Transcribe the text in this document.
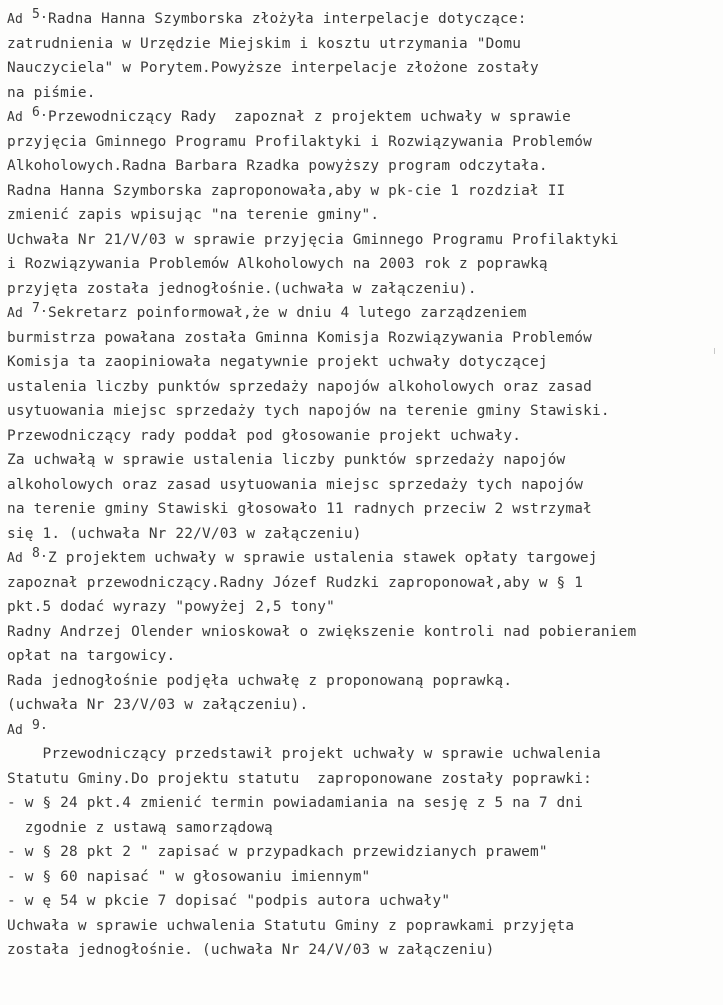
Ad 5.Radna Hanna Szymborska złożyła interpelacje dotyczące:
zatrudnienia w Urzędzie Miejskim i kosztu utrzymania "Domu
Nauczyciela" w Porytem.Powyższe interpelacje złożone zostały
na piśmie.
Ad 6.Przewodniczący Rady  zapoznał z projektem uchwały w sprawie
przyjęcia Gminnego Programu Profilaktyki i Rozwiązywania Problemów
Alkoholowych.Radna Barbara Rzadka powyższy program odczytała.
Radna Hanna Szymborska zaproponowała,aby w pk-cie 1 rozdział II
zmienić zapis wpisując "na terenie gminy".
Uchwała Nr 21/V/03 w sprawie przyjęcia Gminnego Programu Profilaktyki
i Rozwiązywania Problemów Alkoholowych na 2003 rok z poprawką
przyjęta została jednogłośnie.(uchwała w załączeniu).
Ad 7.Sekretarz poinformował,że w dniu 4 lutego zarządzeniem
burmistrza powałana została Gminna Komisja Rozwiązywania Problemów
Komisja ta zaopiniowała negatywnie projekt uchwały dotyczącej
ustalenia liczby punktów sprzedaży napojów alkoholowych oraz zasad
usytuowania miejsc sprzedaży tych napojów na terenie gminy Stawiski.
Przewodniczący rady poddał pod głosowanie projekt uchwały.
Za uchwałą w sprawie ustalenia liczby punktów sprzedaży napojów
alkoholowych oraz zasad usytuowania miejsc sprzedaży tych napojów
na terenie gminy Stawiski głosowało 11 radnych przeciw 2 wstrzymał
się 1. (uchwała Nr 22/V/03 w załączeniu)
Ad 8.Z projektem uchwały w sprawie ustalenia stawek opłaty targowej
zapoznał przewodniczący.Radny Józef Rudzki zaproponował,aby w § 1
pkt.5 dodać wyrazy "powyżej 2,5 tony"
Radny Andrzej Olender wnioskował o zwiększenie kontroli nad pobieraniem
opłat na targowicy.
Rada jednogłośnie podjęła uchwałę z proponowaną poprawką.
(uchwała Nr 23/V/03 w załączeniu).
Ad 9.
Przewodniczący przedstawił projekt uchwały w sprawie uchwalenia
Statutu Gminy.Do projektu statutu  zaproponowane zostały poprawki:
- w § 24 pkt.4 zmienić termin powiadamiania na sesję z 5 na 7 dni
zgodnie z ustawą samorządową
- w § 28 pkt 2 " zapisać w przypadkach przewidzianych prawem"
- w § 60 napisać " w głosowaniu imiennym"
- w ę 54 w pkcie 7 dopisać "podpis autora uchwały"
Uchwała w sprawie uchwalenia Statutu Gminy z poprawkami przyjęta
została jednogłośnie. (uchwała Nr 24/V/03 w załączeniu)
